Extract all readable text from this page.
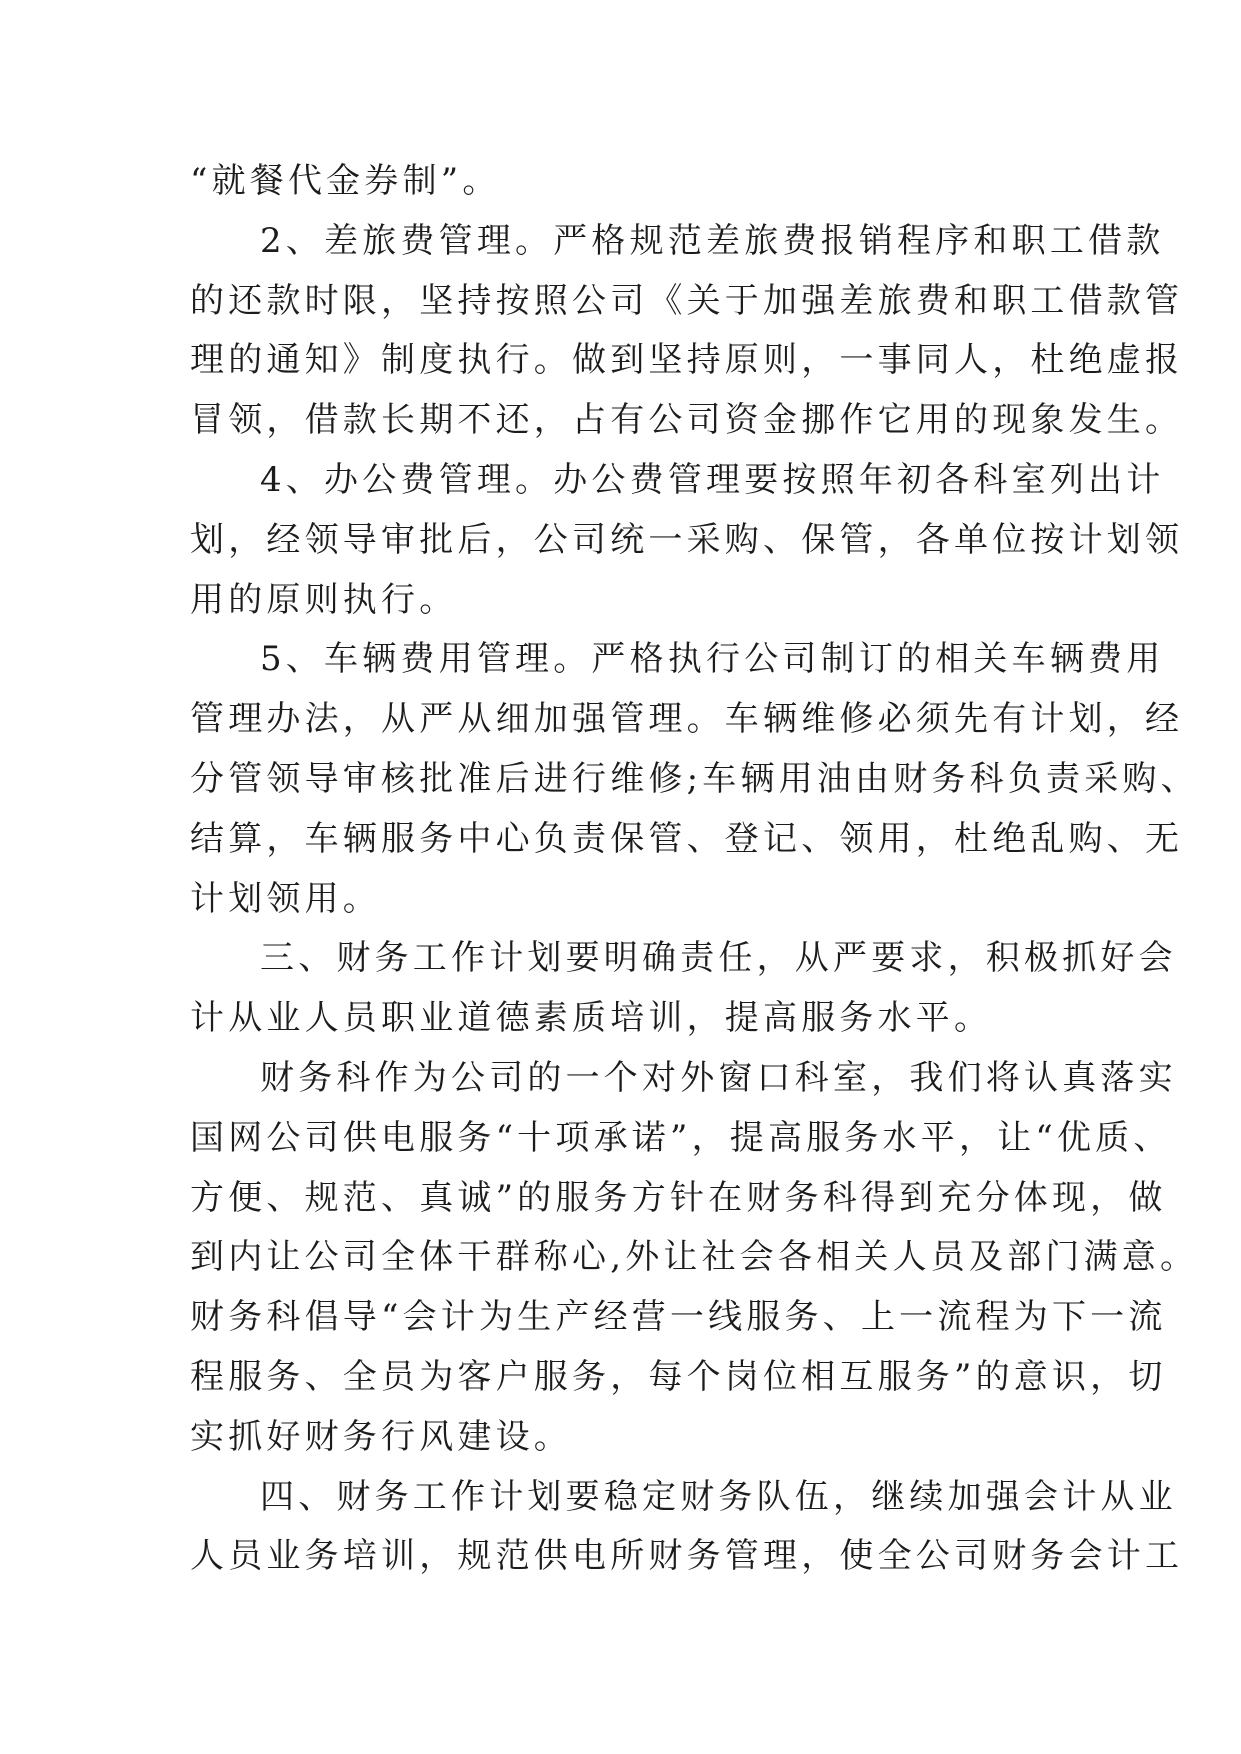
“就餐代金券制”。
2、差旅费管理。严格规范差旅费报销程序和职工借款
的还款时限，坚持按照公司《关于加强差旅费和职工借款管
理的通知》制度执行。做到坚持原则，一事同人，杜绝虚报
冒领，借款长期不还，占有公司资金挪作它用的现象发生。
4、办公费管理。办公费管理要按照年初各科室列出计
划，经领导审批后，公司统一采购、保管，各单位按计划领
用的原则执行。
5、车辆费用管理。严格执行公司制订的相关车辆费用
管理办法，从严从细加强管理。车辆维修必须先有计划，经
分管领导审核批准后进行维修;车辆用油由财务科负责采购、
结算，车辆服务中心负责保管、登记、领用，杜绝乱购、无
计划领用。
三、财务工作计划要明确责任，从严要求，积极抓好会
计从业人员职业道德素质培训，提高服务水平。
财务科作为公司的一个对外窗口科室，我们将认真落实
国网公司供电服务“十项承诺”，提高服务水平，让“优质、
方便、规范、真诚”的服务方针在财务科得到充分体现，做
到内让公司全体干群称心,外让社会各相关人员及部门满意。
财务科倡导“会计为生产经营一线服务、上一流程为下一流
程服务、全员为客户服务，每个岗位相互服务”的意识，切
实抓好财务行风建设。
四、财务工作计划要稳定财务队伍，继续加强会计从业
人员业务培训，规范供电所财务管理，使全公司财务会计工
